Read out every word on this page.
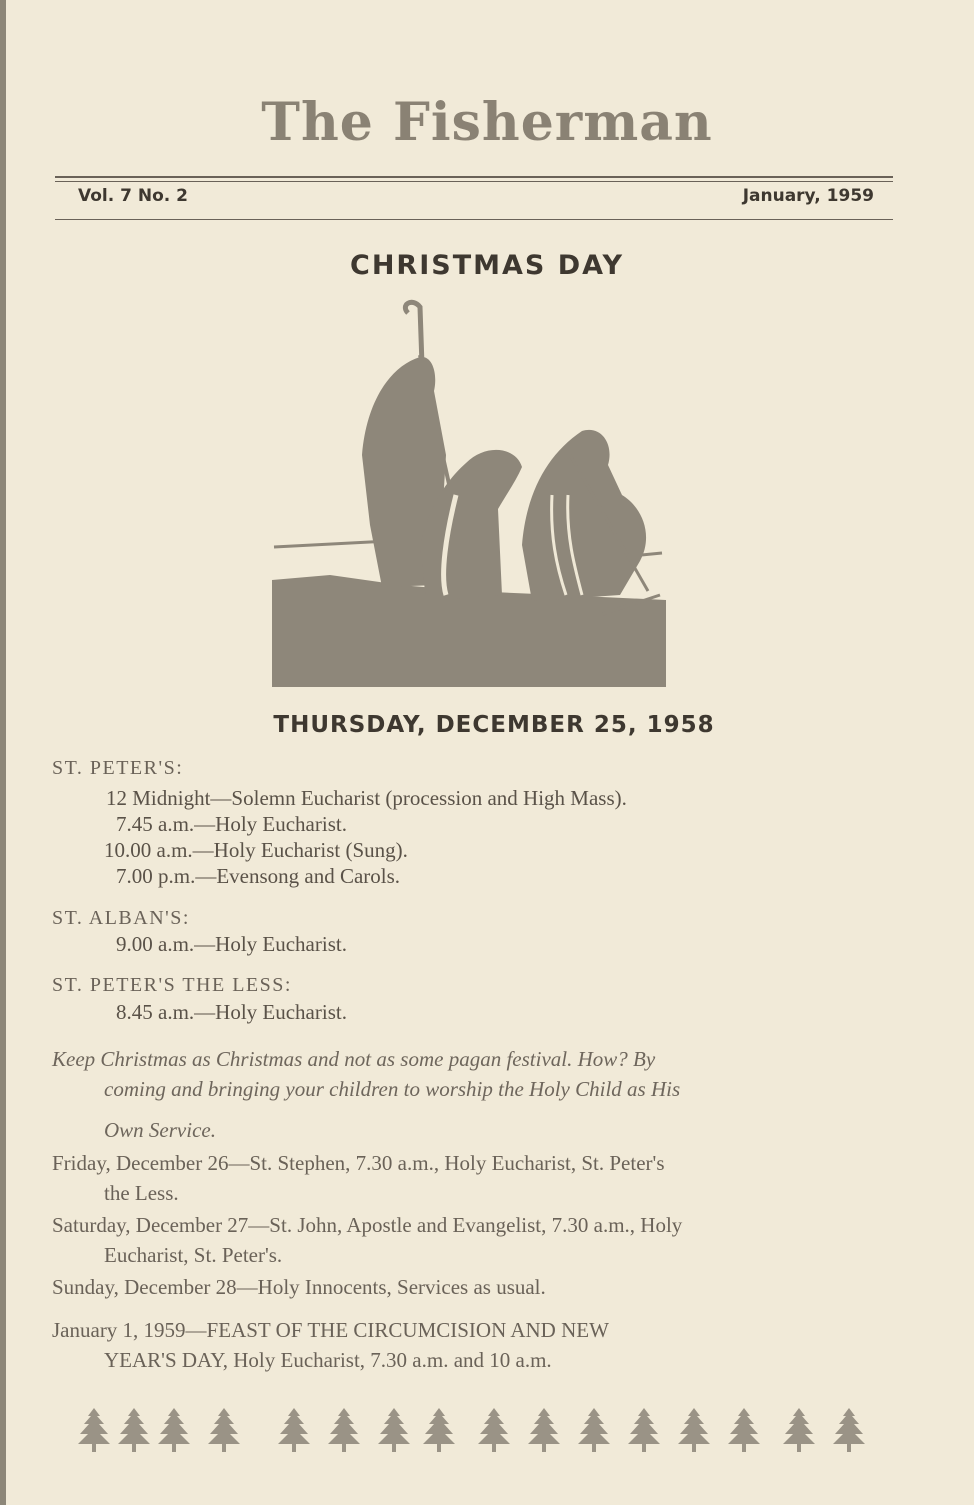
The Fisherman
Vol. 7 No. 2	January, 1959
CHRISTMAS DAY
THURSDAY, DECEMBER 25, 1958
ST. PETER'S:
12 Midnight—Solemn Eucharist (procession and High Mass).
7.45 a.m.—Holy Eucharist.
10.00 a.m.—Holy Eucharist (Sung).
7.00 p.m.—Evensong and Carols.
ST. ALBAN'S:
9.00 a.m.—Holy Eucharist.
ST. PETER'S THE LESS:
8.45 a.m.—Holy Eucharist.
Keep Christmas as Christmas and not as some pagan festival. How? By
coming and bringing your children to worship the Holy Child as His
Own Service.
Friday, December 26—St. Stephen, 7.30 a.m., Holy Eucharist, St. Peter's
the Less.
Saturday, December 27—St. John, Apostle and Evangelist, 7.30 a.m., Holy
Eucharist, St. Peter's.
Sunday, December 28—Holy Innocents, Services as usual.
January 1, 1959—FEAST OF THE CIRCUMCISION AND NEW
YEAR'S DAY, Holy Eucharist, 7.30 a.m. and 10 a.m.
